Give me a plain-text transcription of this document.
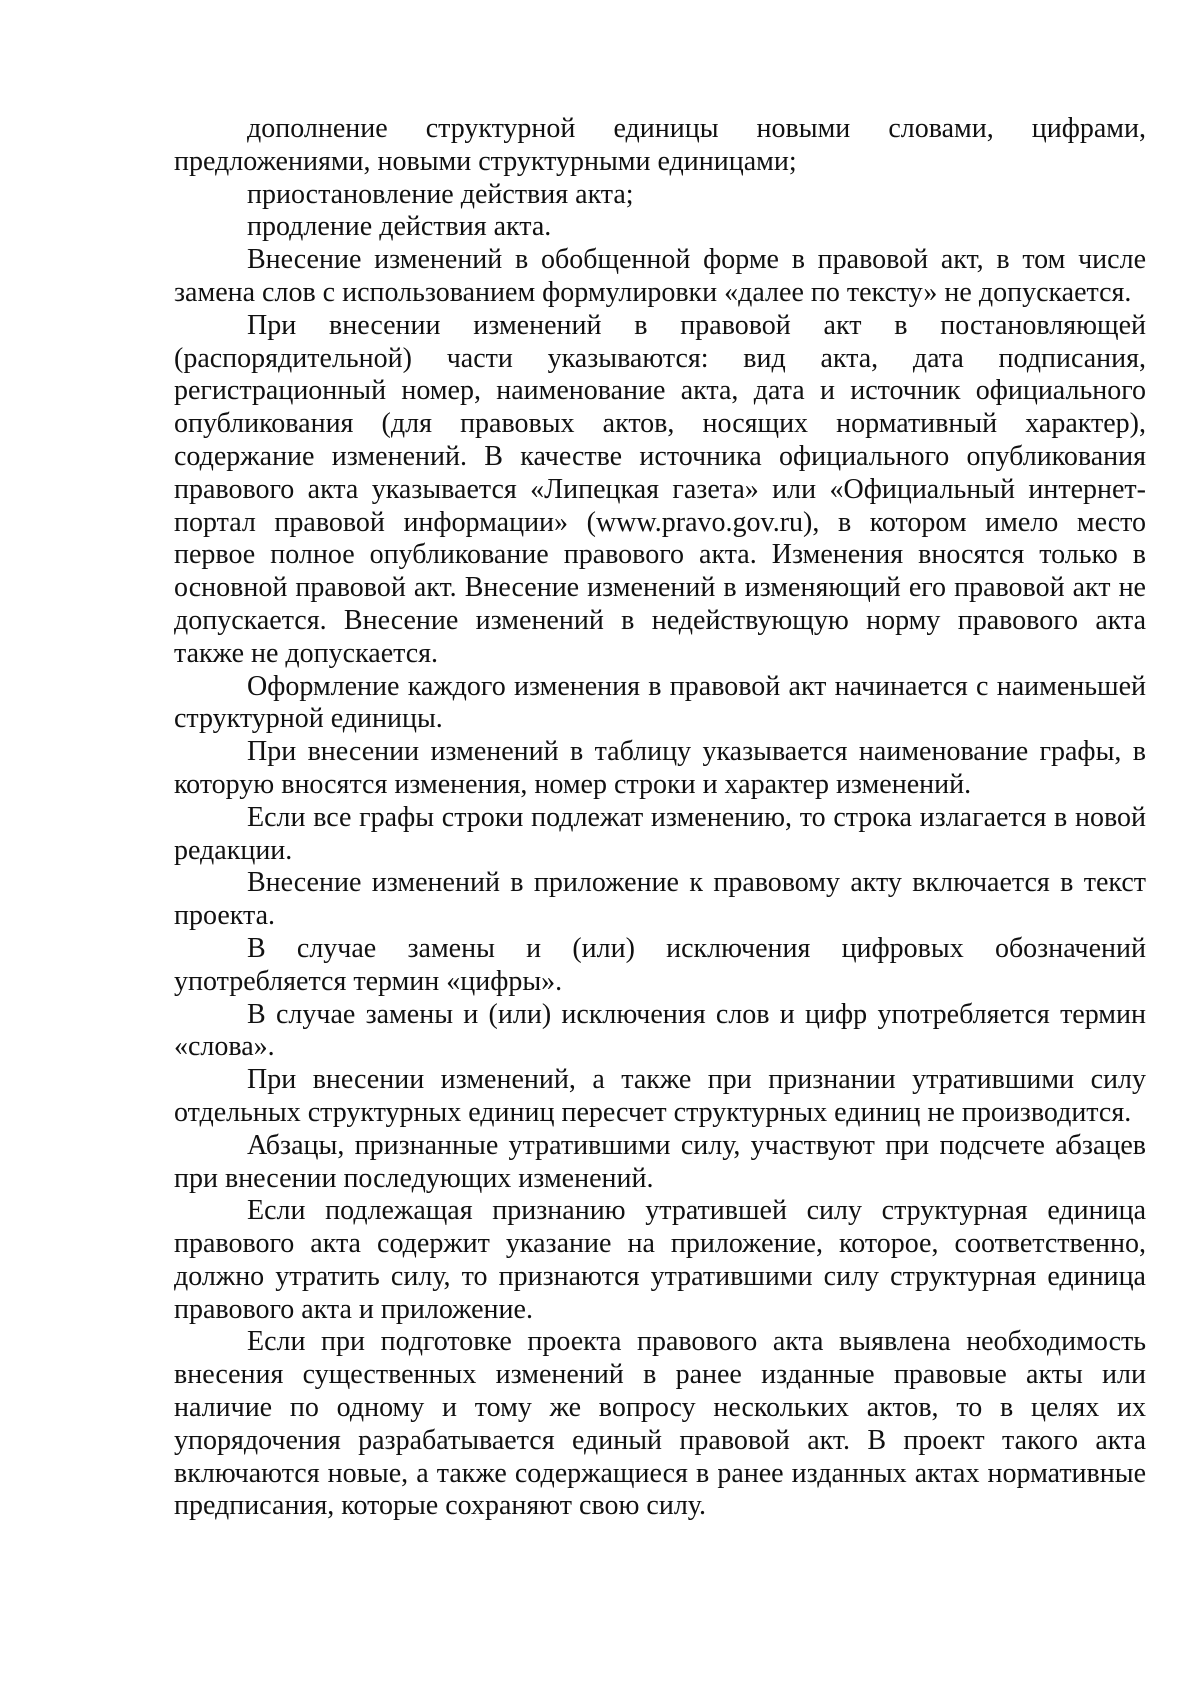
дополнение структурной единицы новыми словами, цифрами, предложениями, новыми структурными единицами;

приостановление действия акта;

продление действия акта.

Внесение изменений в обобщенной форме в правовой акт, в том числе замена слов с использованием формулировки «далее по тексту» не допускается.

При внесении изменений в правовой акт в постановляющей (распорядительной) части указываются: вид акта, дата подписания, регистрационный номер, наименование акта, дата и источник официального опубликования (для правовых актов, носящих нормативный характер), содержание изменений. В качестве источника официального опубликования правового акта указывается «Липецкая газета» или «Официальный интернет-портал правовой информации» (www.pravo.gov.ru), в котором имело место первое полное опубликование правового акта. Изменения вносятся только в основной правовой акт. Внесение изменений в изменяющий его правовой акт не допускается. Внесение изменений в недействующую норму правового акта также не допускается.

Оформление каждого изменения в правовой акт начинается с наименьшей структурной единицы.

При внесении изменений в таблицу указывается наименование графы, в которую вносятся изменения, номер строки и характер изменений.

Если все графы строки подлежат изменению, то строка излагается в новой редакции.

Внесение изменений в приложение к правовому акту включается в текст проекта.

В случае замены и (или) исключения цифровых обозначений употребляется термин «цифры».

В случае замены и (или) исключения слов и цифр употребляется термин «слова».

При внесении изменений, а также при признании утратившими силу отдельных структурных единиц пересчет структурных единиц не производится.

Абзацы, признанные утратившими силу, участвуют при подсчете абзацев при внесении последующих изменений.

Если подлежащая признанию утратившей силу структурная единица правового акта содержит указание на приложение, которое, соответственно, должно утратить силу, то признаются утратившими силу структурная единица правового акта и приложение.

Если при подготовке проекта правового акта выявлена необходимость внесения существенных изменений в ранее изданные правовые акты или наличие по одному и тому же вопросу нескольких актов, то в целях их упорядочения разрабатывается единый правовой акт. В проект такого акта включаются новые, а также содержащиеся в ранее изданных актах нормативные предписания, которые сохраняют свою силу.
